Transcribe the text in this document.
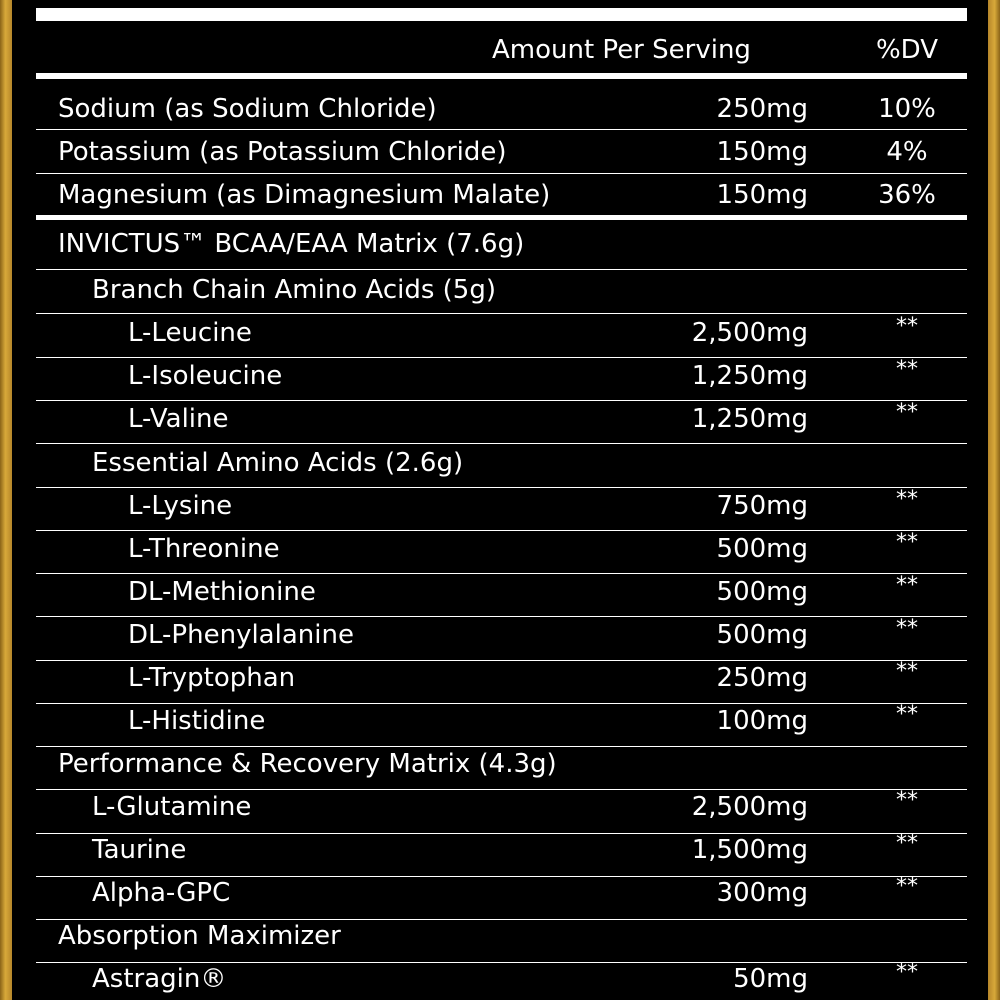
Amount Per Serving	%DV
Sodium (as Sodium Chloride)	250mg	10%
Potassium (as Potassium Chloride)	150mg	4%
Magnesium (as Dimagnesium Malate)	150mg	36%
INVICTUS™ BCAA/EAA Matrix (7.6g)
Branch Chain Amino Acids (5g)
L-Leucine	2,500mg	**
L-Isoleucine	1,250mg	**
L-Valine	1,250mg	**
Essential Amino Acids (2.6g)
L-Lysine	750mg	**
L-Threonine	500mg	**
DL-Methionine	500mg	**
DL-Phenylalanine	500mg	**
L-Tryptophan	250mg	**
L-Histidine	100mg	**
Performance & Recovery Matrix (4.3g)
L-Glutamine	2,500mg	**
Taurine	1,500mg	**
Alpha-GPC	300mg	**
Absorption Maximizer
Astragin®	50mg	**
